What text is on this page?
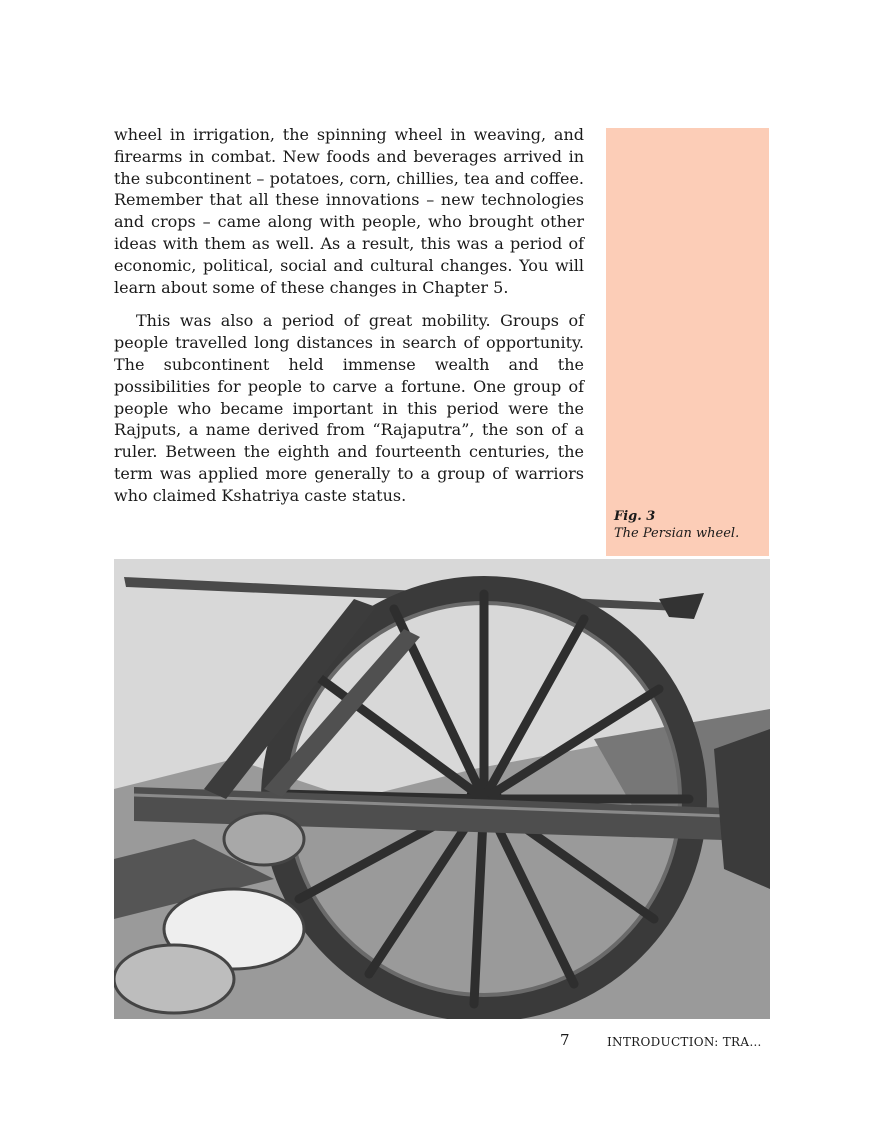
wheel in irrigation, the spinning wheel in weaving, and firearms in combat. New foods and beverages arrived in the subcontinent – potatoes, corn, chillies, tea and coffee. Remember that all these innovations – new technologies and crops – came along with people, who brought other ideas with them as well. As a result, this was a period of economic, political, social and cultural changes. You will learn about some of these changes in Chapter 5.

This was also a period of great mobility. Groups of people travelled long distances in search of opportunity. The subcontinent held immense wealth and the possibilities for people to carve a fortune. One group of people who became important in this period were the Rajputs, a name derived from “Rajaputra”, the son of a ruler. Between the eighth and fourteenth centuries, the term was applied more generally to a group of warriors who claimed Kshatriya caste status.

Fig. 3
The Persian wheel.
7	INTRODUCTION: TRA…
